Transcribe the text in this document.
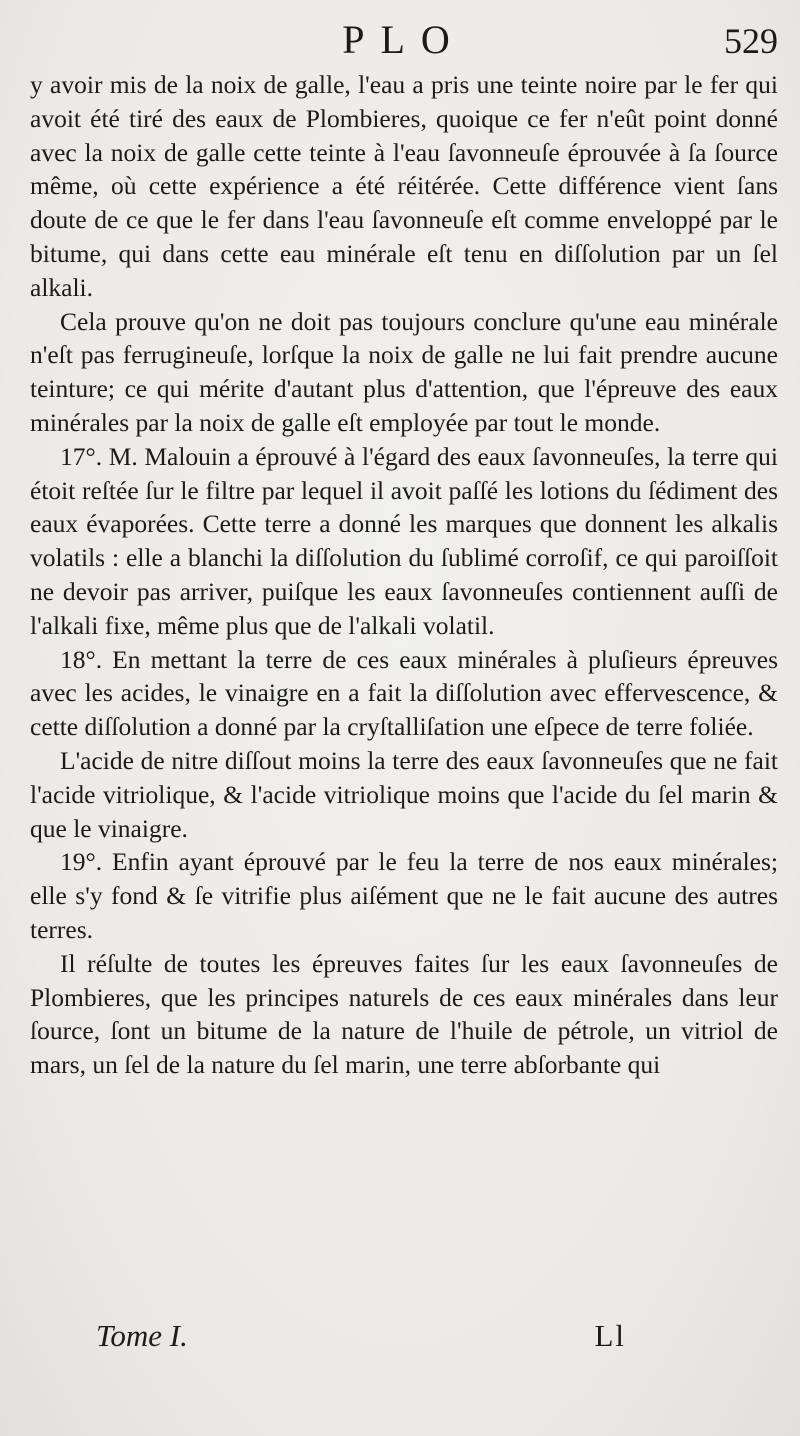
PLO	529

y avoir mis de la noix de galle, l'eau a pris une teinte noire par le fer qui avoit été tiré des eaux de Plombieres, quoique ce fer n'eût point donné avec la noix de galle cette teinte à l'eau ſavonneuſe éprouvée à ſa ſource même, où cette expérience a été réitérée. Cette différence vient ſans doute de ce que le fer dans l'eau ſavonneuſe eſt comme enveloppé par le bitume, qui dans cette eau minérale eſt tenu en diſſolution par un ſel alkali.

Cela prouve qu'on ne doit pas toujours conclure qu'une eau minérale n'eſt pas ferrugineuſe, lorſque la noix de galle ne lui fait prendre aucune teinture; ce qui mérite d'autant plus d'attention, que l'épreuve des eaux minérales par la noix de galle eſt employée par tout le monde.

17°. M. Malouin a éprouvé à l'égard des eaux ſavonneuſes, la terre qui étoit reſtée ſur le filtre par lequel il avoit paſſé les lotions du ſédiment des eaux évaporées. Cette terre a donné les marques que donnent les alkalis volatils : elle a blanchi la diſſolution du ſublimé corroſif, ce qui paroiſſoit ne devoir pas arriver, puiſque les eaux ſavonneuſes contiennent auſſi de l'alkali fixe, même plus que de l'alkali volatil.

18°. En mettant la terre de ces eaux minérales à pluſieurs épreuves avec les acides, le vinaigre en a fait la diſſolution avec effervescence, & cette diſſolution a donné par la cryſtalliſation une eſpece de terre foliée.

L'acide de nitre diſſout moins la terre des eaux ſavonneuſes que ne fait l'acide vitriolique, & l'acide vitriolique moins que l'acide du ſel marin & que le vinaigre.

19°. Enfin ayant éprouvé par le feu la terre de nos eaux minérales; elle s'y fond & ſe vitrifie plus aiſément que ne le fait aucune des autres terres.

Il réſulte de toutes les épreuves faites ſur les eaux ſavonneuſes de Plombieres, que les principes naturels de ces eaux minérales dans leur ſource, ſont un bitume de la nature de l'huile de pétrole, un vitriol de mars, un ſel de la nature du ſel marin, une terre abſorbante qui

Tome I.	Ll
